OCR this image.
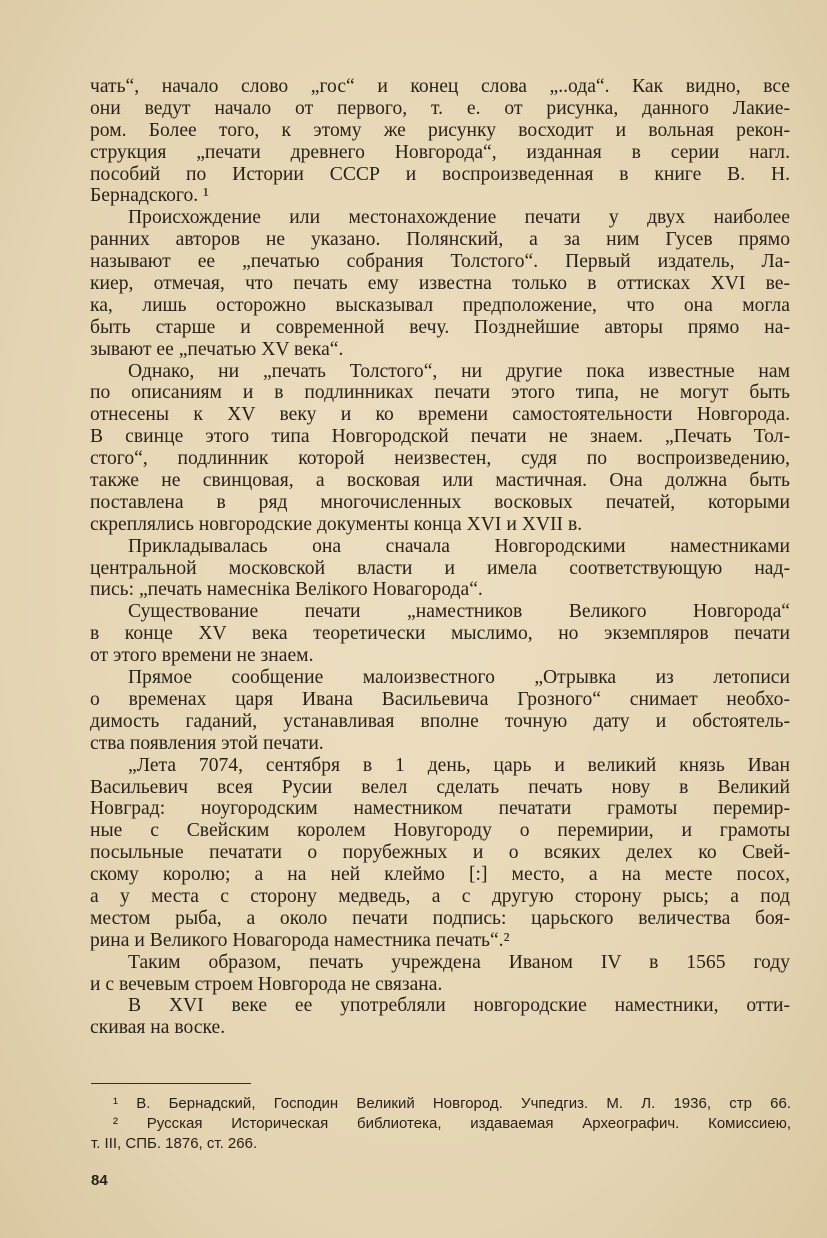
чать“, начало слово „гос“ и конец слова „..ода“. Как видно, все
они ведут начало от первого, т. е. от рисунка, данного Лакие-
ром. Более того, к этому же рисунку восходит и вольная рекон-
струкция „печати древнего Новгорода“, изданная в серии нагл.
пособий по Истории СССР и воспроизведенная в книге В. Н.
Бернадского. ¹
Происхождение или местонахождение печати у двух наиболее
ранних авторов не указано. Полянский, а за ним Гусев прямо
называют ее „печатью собрания Толстого“. Первый издатель, Ла-
киер, отмечая, что печать ему известна только в оттисках XVI ве-
ка, лишь осторожно высказывал предположение, что она могла
быть старше и современной вечу. Позднейшие авторы прямо на-
зывают ее „печатью XV века“.
Однако, ни „печать Толстого“, ни другие пока известные нам
по описаниям и в подлинниках печати этого типа, не могут быть
отнесены к XV веку и ко времени самостоятельности Новгорода.
В свинце этого типа Новгородской печати не знаем. „Печать Тол-
стого“, подлинник которой неизвестен, судя по воспроизведению,
также не свинцовая, а восковая или мастичная. Она должна быть
поставлена в ряд многочисленных восковых печатей, которыми
скреплялись новгородские документы конца XVI и XVII в.
Прикладывалась она сначала Новгородскими наместниками
центральной московской власти и имела соответствующую над-
пись: „печать намесніка Велікого Новагорода“.
Существование печати „наместников Великого Новгорода“
в конце XV века теоретически мыслимо, но экземпляров печати
от этого времени не знаем.
Прямое сообщение малоизвестного „Отрывка из летописи
о временах царя Ивана Васильевича Грозного“ снимает необхо-
димость гаданий, устанавливая вполне точную дату и обстоятель-
ства появления этой печати.
„Лета 7074, сентября в 1 день, царь и великий князь Иван
Васильевич всея Русии велел сделать печать нову в Великий
Новград: ноугородским наместником печатати грамоты перемир-
ные с Свейским королем Новугороду о перемирии, и грамоты
посыльные печатати о порубежных и о всяких делех ко Свей-
скому королю; а на ней клеймо [:] место, а на месте посох,
а у места с сторону медведь, а с другую сторону рысь; а под
местом рыба, а около печати подпись: царьского величества боя-
рина и Великого Новагорода наместника печать“.²
Таким образом, печать учреждена Иваном IV в 1565 году
и с вечевым строем Новгорода не связана.
В XVI веке ее употребляли новгородские наместники, отти-
скивая на воске.
¹ В. Бернадский, Господин Великий Новгород. Учпедгиз. М. Л. 1936, стр 66.
² Русская Историческая библиотека, издаваемая Археографич. Комиссиею,
т. III, СПБ. 1876, ст. 266.
84
